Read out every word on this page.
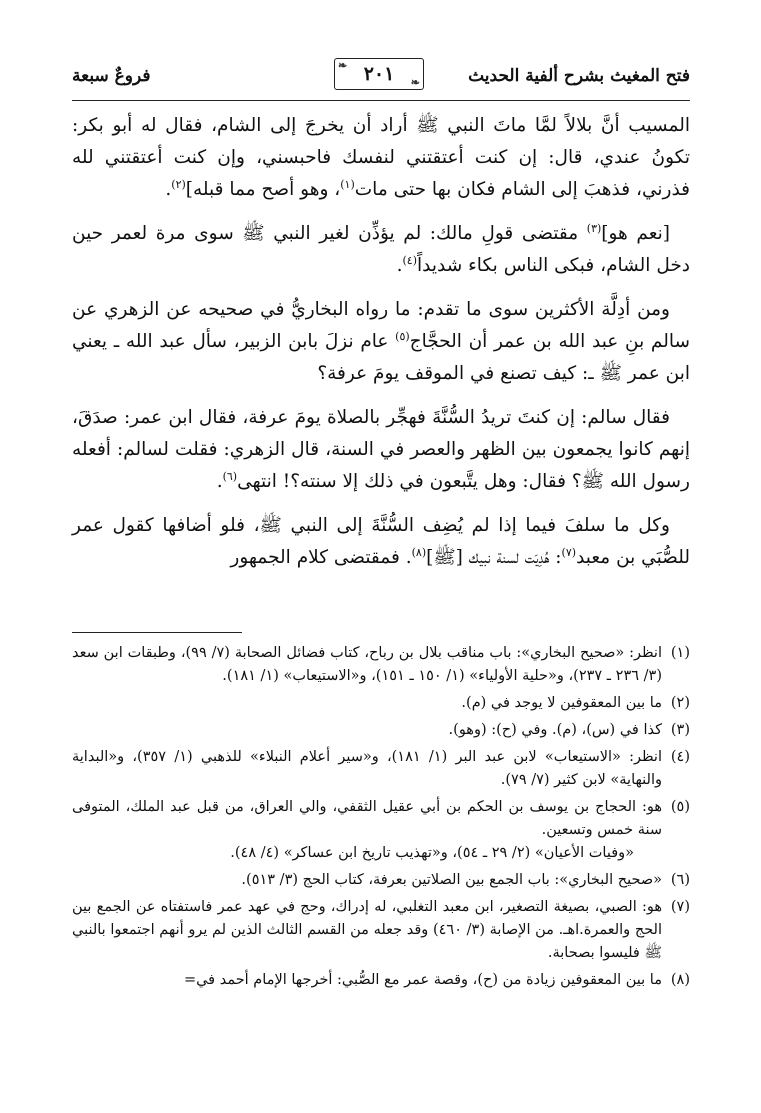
فتح المغيث بشرح ألفية الحديث
❧ ٢٠١ ❧
فروعٌ سبعة

المسيب أنَّ بلالاً لمَّا ماتَ النبي ﷺ أراد أن يخرجَ إلى الشام، فقال له أبو بكر: تكونُ عندي، قال: إن كنت أعتقتني لنفسك فاحبسني، وإن كنت أعتقتني لله فذرني، فذهبَ إلى الشام فكان بها حتى مات$^{(١)}$، وهو أصح مما قبله]$^{(٢)}$.

[نعم هو]$^{(٣)}$ مقتضى قولِ مالك: لم يؤذِّن لغير النبي ﷺ سوى مرة لعمر حين دخل الشام، فبكى الناس بكاء شديداً$^{(٤)}$.

ومن أدِلَّة الأكثرين سوى ما تقدم: ما رواه البخاريُّ في صحيحه عن الزهري عن سالم بنِ عبد الله بن عمر أن الحجَّاج$^{(٥)}$ عام نزلَ بابن الزبير، سأل عبد الله ـ يعني ابن عمر ﷺ ـ: كيف تصنع في الموقف يومَ عرفة؟

فقال سالم: إن كنتَ تريدُ السُّنَّةَ فهجِّر بالصلاة يومَ عرفة، فقال ابن عمر: صدَقَ، إنهم كانوا يجمعون بين الظهر والعصر في السنة، قال الزهري: فقلت لسالم: أفعله رسول الله ﷺ؟ فقال: وهل يتَّبعون في ذلك إلا سنته؟! انتهى$^{(٦)}$.

وكل ما سلفَ فيما إذا لم يُضِف السُّنَّةَ إلى النبي ﷺ، فلو أضافها كقول عمر للصُّبَي بن معبد$^{(٧)}$: هُدِيَت لسنة نبيك [ﷺ]$^{(٨)}$. فمقتضى كلام الجمهور

(١)
انظر: «صحيح البخاري»: باب مناقب بلال بن رباح، كتاب فضائل الصحابة (٧/ ٩٩)، وطبقات ابن سعد (٣/ ٢٣٦ ـ ٢٣٧)، و«حلية الأولياء» (١/ ١٥٠ ـ ١٥١)، و«الاستيعاب» (١/ ١٨١).
(٢)
ما بين المعقوفين لا يوجد في (م).
(٣)
كذا في (س)، (م). وفي (ح): (وهو).
(٤)
انظر: «الاستيعاب» لابن عبد البر (١/ ١٨١)، و«سير أعلام النبلاء» للذهبي (١/ ٣٥٧)، و«البداية والنهاية» لابن كثير (٧/ ٧٩).
(٥)
هو: الحجاج بن يوسف بن الحكم بن أبي عقيل الثقفي، والي العراق، من قبل عبد الملك، المتوفى سنة خمس وتسعين.
«وفيات الأعيان» (٢/ ٢٩ ـ ٥٤)، و«تهذيب تاريخ ابن عساكر» (٤/ ٤٨).
(٦)
«صحيح البخاري»: باب الجمع بين الصلاتين بعرفة، كتاب الحج (٣/ ٥١٣).
(٧)
هو: الصبي، بصيغة التصغير، ابن معبد التغلبي، له إدراك، وحج في عهد عمر فاستفتاه عن الجمع بين الحج والعمرة.اهـ. من الإصابة (٣/ ٤٦٠) وقد جعله من القسم الثالث الذين لم يرو أنهم اجتمعوا بالنبي ﷺ فليسوا بصحابة.
(٨)
ما بين المعقوفين زيادة من (ح)، وقصة عمر مع الصُّبي: أخرجها الإمام أحمد في=
